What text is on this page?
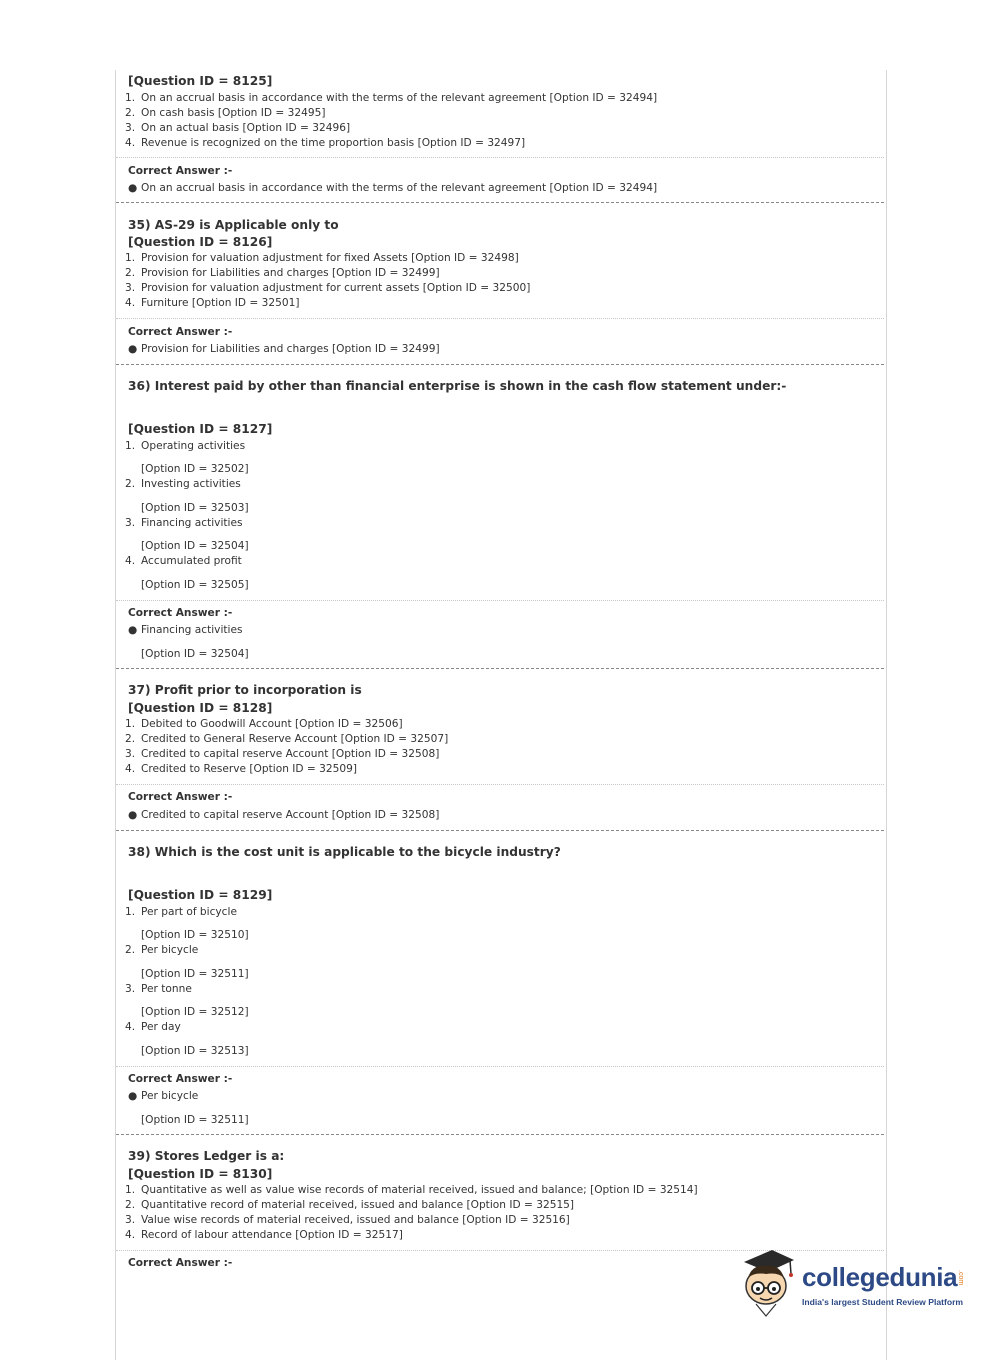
[Question ID = 8125]
1. On an accrual basis in accordance with the terms of the relevant agreement [Option ID = 32494]
2. On cash basis [Option ID = 32495]
3. On an actual basis [Option ID = 32496]
4. Revenue is recognized on the time proportion basis [Option ID = 32497]
Correct Answer :-
● On an accrual basis in accordance with the terms of the relevant agreement [Option ID = 32494]
35) AS-29 is Applicable only to
[Question ID = 8126]
1. Provision for valuation adjustment for fixed Assets [Option ID = 32498]
2. Provision for Liabilities and charges [Option ID = 32499]
3. Provision for valuation adjustment for current assets [Option ID = 32500]
4. Furniture [Option ID = 32501]
Correct Answer :-
● Provision for Liabilities and charges [Option ID = 32499]
36) Interest paid by other than financial enterprise is shown in the cash flow statement under:-
[Question ID = 8127]
1. Operating activities
[Option ID = 32502]
2. Investing activities
[Option ID = 32503]
3. Financing activities
[Option ID = 32504]
4. Accumulated profit
[Option ID = 32505]
Correct Answer :-
● Financing activities
[Option ID = 32504]
37) Profit prior to incorporation is
[Question ID = 8128]
1. Debited to Goodwill Account [Option ID = 32506]
2. Credited to General Reserve Account [Option ID = 32507]
3. Credited to capital reserve Account [Option ID = 32508]
4. Credited to Reserve [Option ID = 32509]
Correct Answer :-
● Credited to capital reserve Account [Option ID = 32508]
38) Which is the cost unit is applicable to the bicycle industry?
[Question ID = 8129]
1. Per part of bicycle
[Option ID = 32510]
2. Per bicycle
[Option ID = 32511]
3. Per tonne
[Option ID = 32512]
4. Per day
[Option ID = 32513]
Correct Answer :-
● Per bicycle
[Option ID = 32511]
39) Stores Ledger is a:
[Question ID = 8130]
1. Quantitative as well as value wise records of material received, issued and balance; [Option ID = 32514]
2. Quantitative record of material received, issued and balance [Option ID = 32515]
3. Value wise records of material received, issued and balance [Option ID = 32516]
4. Record of labour attendance [Option ID = 32517]
Correct Answer :-	collegedunia .com
India's largest Student Review Platform
